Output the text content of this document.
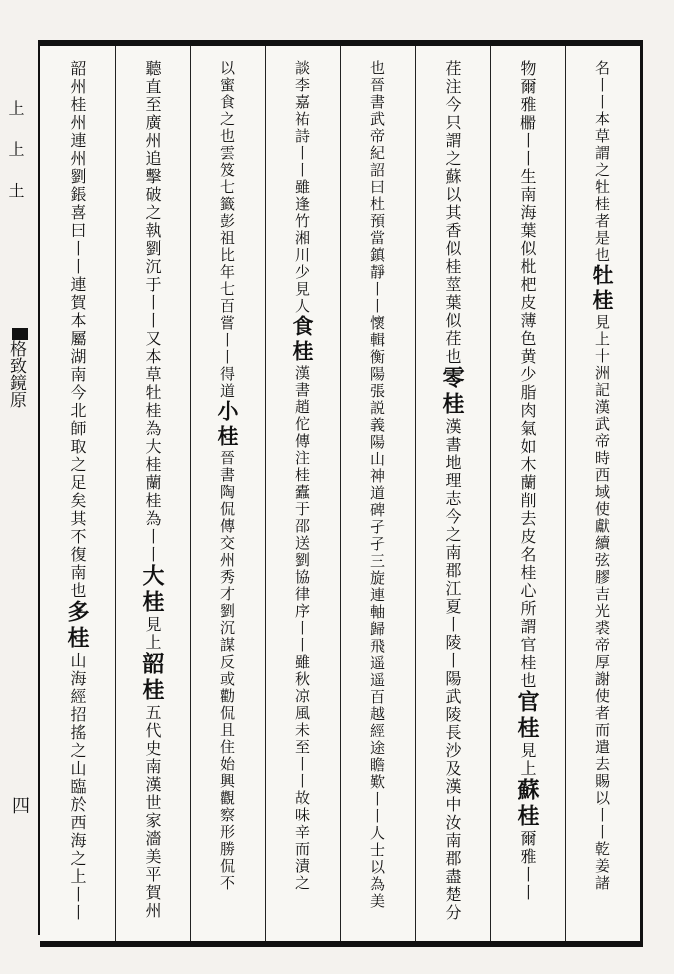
上 上 土
格致鏡原
四
名丨丨本草謂之牡桂者是也牡桂見上十洲記漢武帝時西域使獻續弦膠吉光裘帝厚謝使者而遣去賜以丨丨乾姜諸
物爾雅𣝗丨丨生南海葉似枇杷皮薄色黄少脂肉氣如木蘭削去皮名桂心所謂官桂也官桂見上蘇桂爾雅丨丨
荏注今只謂之蘇以其香似桂莖葉似荏也零桂漢書地理志今之南郡江夏丨陵丨陽武陵長沙及漢中汝南郡盡楚分
也晉書武帝紀詔曰杜預當鎮靜丨丨懷輯衡陽張説義陽山神道碑孑孑三旋連軸歸飛遥遥百越經途瞻歎丨丨人士以為美
談李嘉祐詩丨丨雖逢竹湘川少見人食桂漢書趙佗傳注桂蠹于邵送劉協律序丨丨雖秋凉風未至丨丨故味辛而漬之
以蜜食之也雲笈七籤彭祖比年七百嘗丨丨得道小桂晉書陶侃傳交州秀才劉沉謀反或勸侃且住始興觀察形勝侃不
聽直至廣州追擊破之執劉沉于丨丨又本草牡桂為大桂蘭桂為丨丨大桂見上韶桂五代史南漢世家濇美平賀州
韶州桂州連州劉鋹喜曰丨丨連賀本屬湖南今北師取之足矣其不復南也多桂山海經招搖之山臨於西海之上丨丨
